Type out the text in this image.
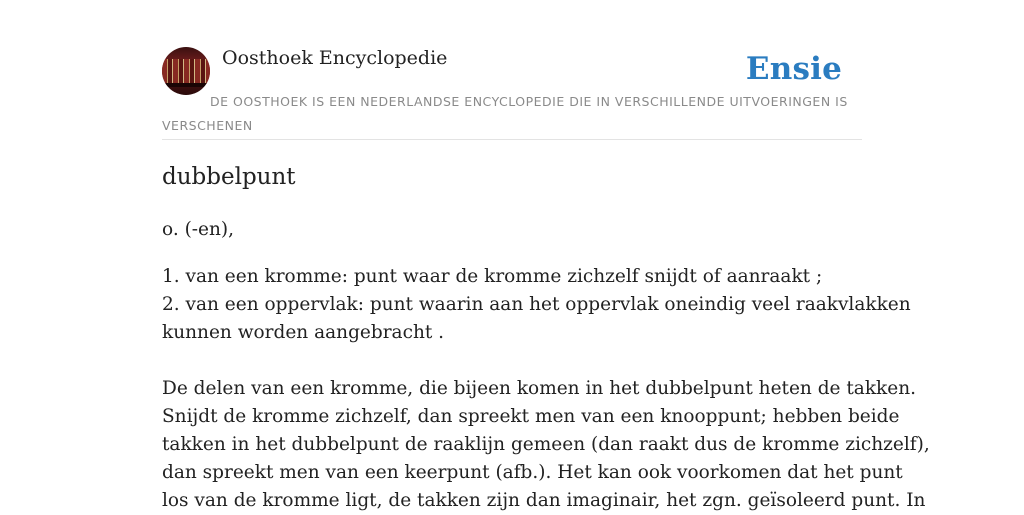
Oosthoek Encyclopedie	Ensie
DE OOSTHOEK IS EEN NEDERLANDSE ENCYCLOPEDIE DIE IN VERSCHILLENDE UITVOERINGEN IS VERSCHENEN
dubbelpunt

o. (-en),

1. van een kromme: punt waar de kromme zichzelf snijdt of aanraakt ;
2. van een oppervlak: punt waarin aan het oppervlak oneindig veel raakvlakken
kunnen worden aangebracht .

De delen van een kromme, die bijeen komen in het dubbelpunt heten de takken.
Snijdt de kromme zichzelf, dan spreekt men van een knooppunt; hebben beide
takken in het dubbelpunt de raaklijn gemeen (dan raakt dus de kromme zichzelf),
dan spreekt men van een keerpunt (afb.). Het kan ook voorkomen dat het punt
los van de kromme ligt, de takken zijn dan imaginair, het zgn. geïsoleerd punt. In
